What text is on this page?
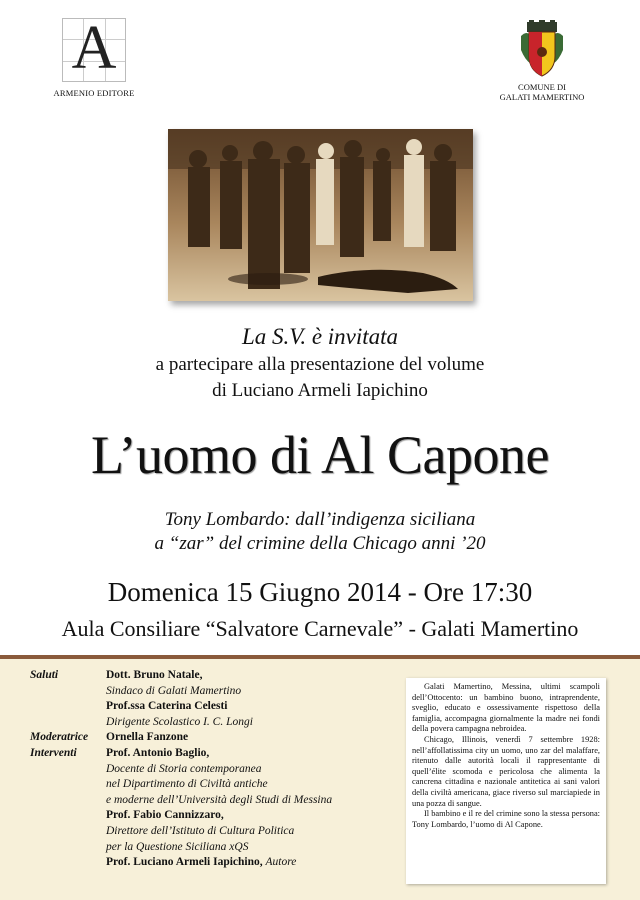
A
ARMENIO EDITORE
COMUNE DI
GALATI MAMERTINO
La S.V. è invitata
a partecipare alla presentazione del volume
di Luciano Armeli Iapichino
L’uomo di Al Capone
Tony Lombardo: dall’indigenza siciliana
a “zar” del crimine della Chicago anni ’20
Domenica 15 Giugno 2014 - Ore 17:30
Aula Consiliare “Salvatore Carnevale” - Galati Mamertino
Saluti	Dott. Bruno Natale,
Sindaco di Galati Mamertino
Prof.ssa Caterina Celesti
Dirigente Scolastico I. C. Longi
Moderatrice	Ornella Fanzone
Interventi	Prof. Antonio Baglio,
Docente di Storia contemporanea
nel Dipartimento di Civiltà antiche
e moderne dell’Università degli Studi di Messina
Prof. Fabio Cannizzaro,
Direttore dell’Istituto di Cultura Politica
per la Questione Siciliana xQS
Prof. Luciano Armeli Iapichino, Autore

Galati Mamertino, Messina, ultimi scampoli dell’Ottocento: un bambino buono, intraprendente, sveglio, educato e ossessivamente rispettoso della famiglia, accompagna giornalmente la madre nei fondi della povera campagna nebroidea.

Chicago, Illinois, venerdì 7 settembre 1928: nell’affollatissima city un uomo, uno zar del malaffare, ritenuto dalle autorità locali il rappresentante di quell’élite scomoda e pericolosa che alimenta la cancrena cittadina e nazionale antitetica ai sani valori della civiltà americana, giace riverso sul marciapiede in una pozza di sangue.

Il bambino e il re del crimine sono la stessa persona: Tony Lombardo, l’uomo di Al Capone.
